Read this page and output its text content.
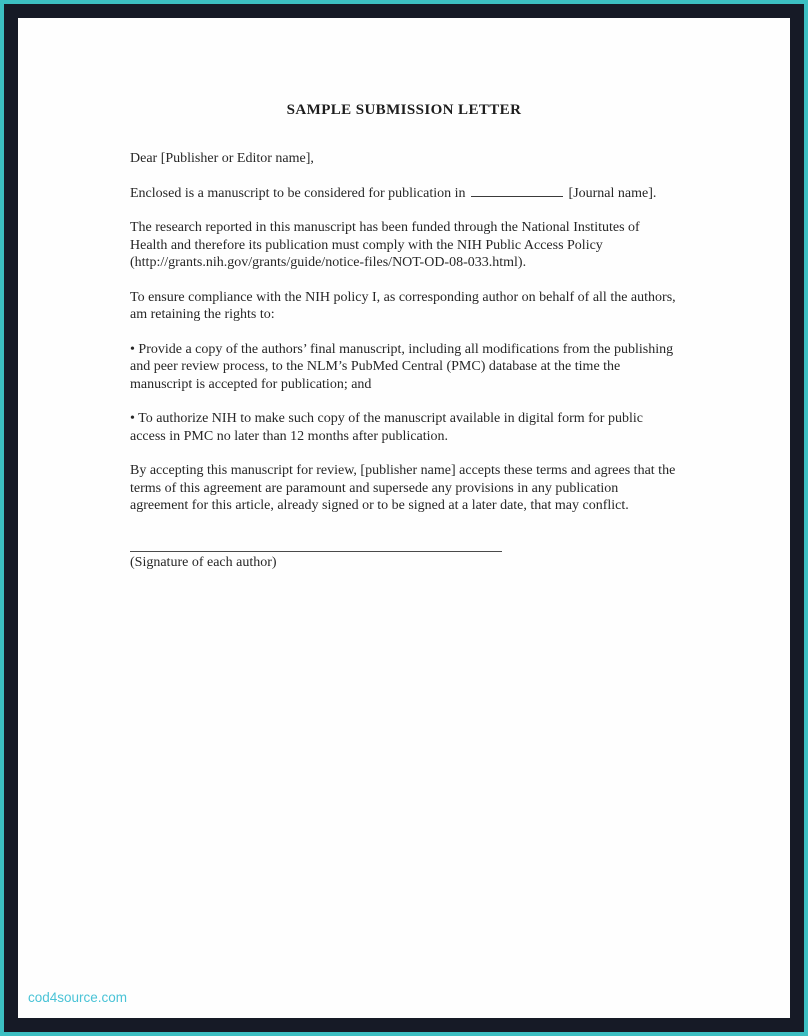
SAMPLE SUBMISSION LETTER

Dear [Publisher or Editor name],

Enclosed is a manuscript to be considered for publication in	[Journal name].

The research reported in this manuscript has been funded through the National Institutes of Health and therefore its publication must comply with the NIH Public Access Policy (http://grants.nih.gov/grants/guide/notice-files/NOT-OD-08-033.html).

To ensure compliance with the NIH policy I, as corresponding author on behalf of all the authors, am retaining the rights to:

• Provide a copy of the authors’ final manuscript, including all modifications from the publishing and peer review process, to the NLM’s PubMed Central (PMC) database at the time the manuscript is accepted for publication; and

• To authorize NIH to make such copy of the manuscript available in digital form for public access in PMC no later than 12 months after publication.

By accepting this manuscript for review, [publisher name] accepts these terms and agrees that the terms of this agreement are paramount and supersede any provisions in any publication agreement for this article, already signed or to be signed at a later date, that may conflict.

(Signature of each author)

cod4source.com
